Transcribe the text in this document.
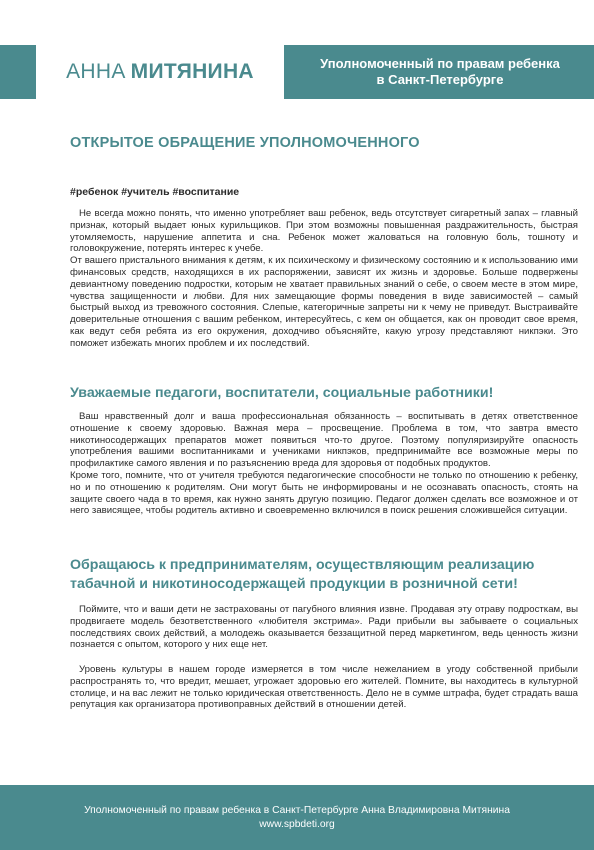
АННА МИТЯНИНА	Уполномоченный по правам ребенка
в Санкт-Петербурге
ОТКРЫТОЕ ОБРАЩЕНИЕ УПОЛНОМОЧЕННОГО

#ребенок #учитель #воспитание

Не всегда можно понять, что именно употребляет ваш ребенок, ведь отсутствует сигаретный запах – главный признак, который выдает юных курильщиков. При этом возможны повышенная раздражительность, быстрая утомляемость, нарушение аппетита и сна. Ребенок может жаловаться на головную боль, тошноту и головокружение, потерять интерес к учебе.

От вашего пристального внимания к детям, к их психическому и физическому состоянию и к использованию ими финансовых средств, находящихся в их распоряжении, зависят их жизнь и здоровье. Больше подвержены девиантному поведению подростки, которым не хватает правильных знаний о себе, о своем месте в этом мире, чувства защищенности и любви. Для них замещающие формы поведения в виде зависимостей – самый быстрый выход из тревожного состояния. Слепые, категоричные запреты ни к чему не приведут. Выстраивайте доверительные отношения с вашим ребенком, интересуйтесь, с кем он общается, как он проводит свое время, как ведут себя ребята из его окружения, доходчиво объясняйте, какую угрозу представляют никпэки. Это поможет избежать многих проблем и их последствий.

Уважаемые педагоги, воспитатели, социальные работники!

Ваш нравственный долг и ваша профессиональная обязанность – воспитывать в детях ответственное отношение к своему здоровью. Важная мера – просвещение. Проблема в том, что завтра вместо никотиносодержащих препаратов может появиться что-то другое. Поэтому популяризируйте опасность употребления вашими воспитанниками и учениками никпэков, предпринимайте все возможные меры по профилактике самого явления и по разъяснению вреда для здоровья от подобных продуктов.

Кроме того, помните, что от учителя требуются педагогические способности не только по отношению к ребенку, но и по отношению к родителям. Они могут быть не информированы и не осознавать опасность, стоять на защите своего чада в то время, как нужно занять другую позицию. Педагог должен сделать все возможное и от него зависящее, чтобы родитель активно и своевременно включился в поиск решения сложившейся ситуации.

Обращаюсь к предпринимателям, осуществляющим реализацию
табачной и никотиносодержащей продукции в розничной сети!

Поймите, что и ваши дети не застрахованы от пагубного влияния извне. Продавая эту отраву подросткам, вы продвигаете модель безответственного «любителя экстрима». Ради прибыли вы забываете о социальных последствиях своих действий, а молодежь оказывается беззащитной перед маркетингом, ведь ценность жизни познается с опытом, которого у них еще нет.

Уровень культуры в нашем городе измеряется в том числе нежеланием в угоду собственной прибыли распространять то, что вредит, мешает, угрожает здоровью его жителей. Помните, вы находитесь в культурной столице, и на вас лежит не только юридическая ответственность. Дело не в сумме штрафа, будет страдать ваша репутация как организатора противоправных действий в отношении детей.

Уполномоченный по правам ребенка в Санкт-Петербурге Анна Владимировна Митянина
www.spbdeti.org
